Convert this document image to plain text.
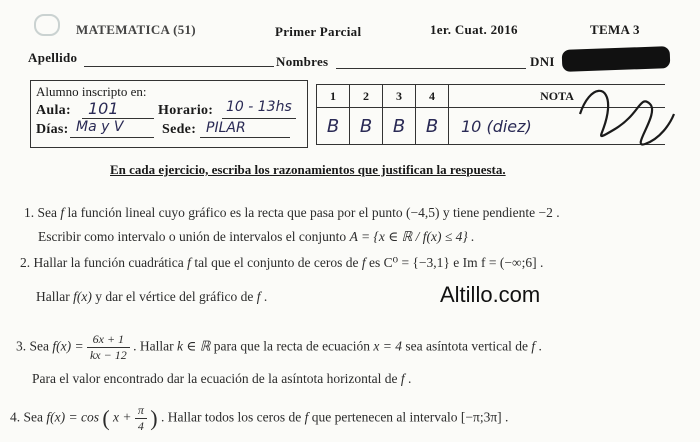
MATEMATICA (51)	Primer Parcial	1er. Cuat. 2016	TEMA 3
Apellido	Nombres	DNI
Alumno inscripto en:
Aula: 101	Horario: 10 - 13hs
Días: Ma y V	Sede: PILAR
1	2	3	4	NOTA
B	B	B	B	10 (diez)
En cada ejercicio, escriba los razonamientos que justifican la respuesta.
1. Sea f la función lineal cuyo gráfico es la recta que pasa por el punto (−4,5) y tiene pendiente −2 .
Escribir como intervalo o unión de intervalos el conjunto A = {x ∈ ℝ / f(x) ≤ 4} .
2. Hallar la función cuadrática f tal que el conjunto de ceros de f es C⁰ = {−3,1} e Im f = (−∞;6] .
Hallar f(x) y dar el vértice del gráfico de f .	Altillo.com
3. Sea $f(x) = \frac{6x + 1}{kx - 12}$ . Hallar k ∈ ℝ para que la recta de ecuación x = 4 sea asíntota vertical de f .
Para el valor encontrado dar la ecuación de la asíntota horizontal de f .
4. Sea f(x) = cos ( $x + \frac{\pi}{4}$ ) . Hallar todos los ceros de f que pertenecen al intervalo [−π;3π] .
